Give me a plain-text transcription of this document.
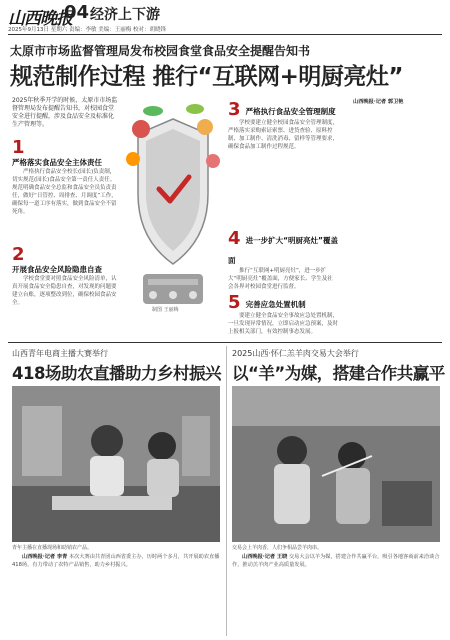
山西晚报
04 经济上下游
2025年9月13日 星期六 责编：李敏 美编：王丽梅 校对：胡晓锋
太原市市场监督管理局发布校园食堂食品安全提醒告知书
规范制作过程 推行“互联网+明厨亮灶”
2025年秋季开学的时候，太原市市场监督管理局发布提醒告知书，对校园食堂安全进行提醒，涉及食品安全及标准化生产管理等。
1
严格落实食品安全主体责任
严格执行食品安全校长(园长)负责制，切实规范(园长)食品安全第一责任人责任。规范明确食品安全总监和食品安全员负责责任，做好“日管控、周排查、月调度”工作，确保每一道工序有落实，做到食品安全不留死角。
2
开展食品安全风险隐患自查
学校食堂要对照食品安全风险清单，认真开展食品安全隐患自查，对发现的问题要建立台账，逐项整改到位，确保校园食品安全。
制图 王丽梅
3 严格执行食品安全管理制度
学校要建立健全校园食品安全管理制度，严格落实采购索证索票、进货查验、原料控制、加工制作、清洗消毒、留样等管理要求，确保食品加工制作过程规范。
4 进一步扩大“明厨亮灶”覆盖面
推行“互联网+明厨亮灶”，进一步扩大“明厨亮灶”覆盖面，方便家长、学生及社会各界对校园食堂进行监督。
5 完善应急处置机制
要建立健全食品安全事故应急处置机制，一旦发现异常情况，立即启动应急预案，及时上报相关部门，有效控制事态发展。
山西晚报·记者 郭卫艳
山西青年电商主播大赛举行
418场助农直播助力乡村振兴
青年主播在直播现场和助销农产品。
山西晚报·记者 李青 本次大赛由共青团山西省委主办，历时两个多月，共开展助农直播418场，有力带动了农特产品销售，助力乡村振兴。
2025山西·怀仁羔羊肉交易大会举行
以“羊”为媒，搭建合作共赢平
交易会上羊肉香，人们争相品尝羊肉串。
山西晚报·记者 王晓 交易大会以羊为媒，搭建合作共赢平台，吸引各地客商前来洽谈合作，推动羔羊肉产业高质量发展。
